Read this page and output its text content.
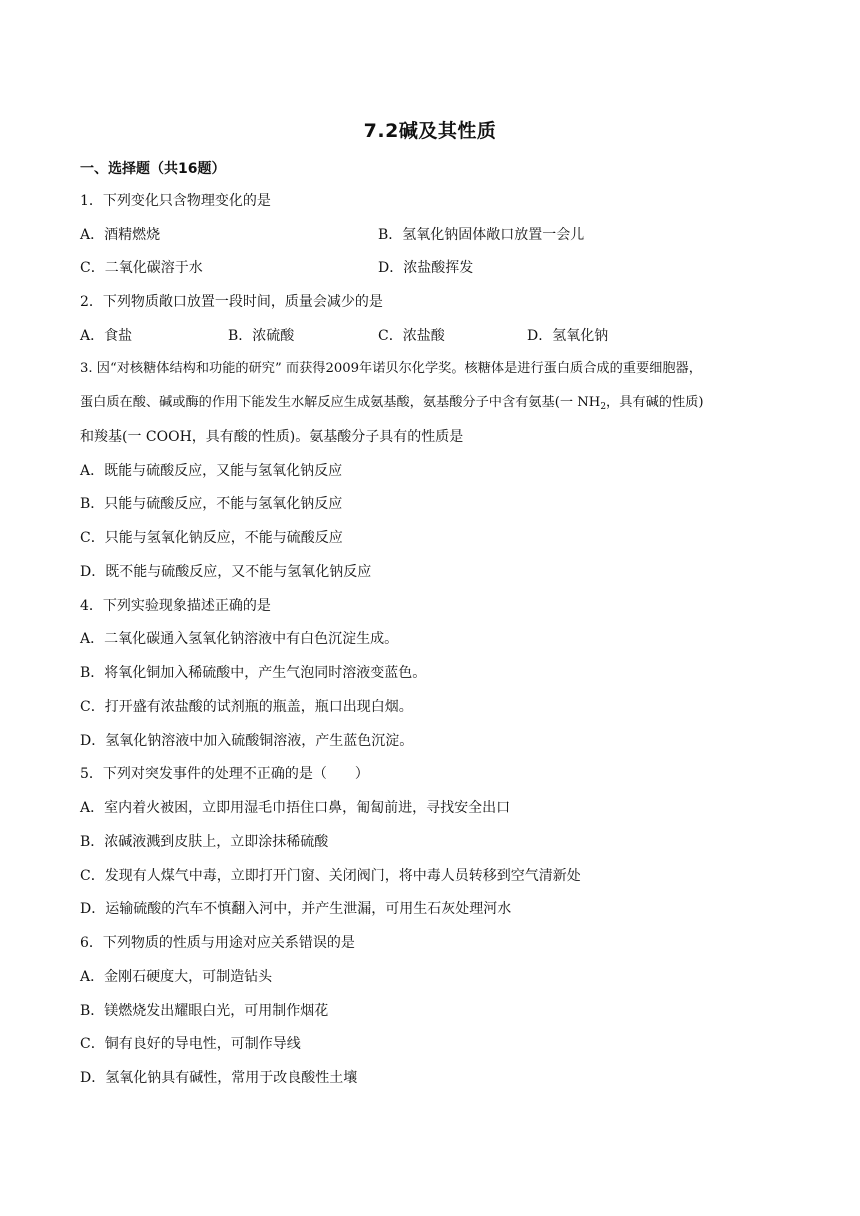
7.2碱及其性质
一、选择题（共16题）
1．下列变化只含物理变化的是
A．酒精燃烧	B．氢氧化钠固体敞口放置一会儿
C．二氧化碳溶于水	D．浓盐酸挥发
2．下列物质敞口放置一段时间，质量会减少的是
A．食盐	B．浓硫酸	C．浓盐酸	D．氢氧化钠
3. 因“对核糖体结构和功能的研究” 而获得2009年诺贝尔化学奖。核糖体是进行蛋白质合成的重要细胞器，
蛋白质在酸、碱或酶的作用下能发生水解反应生成氨基酸，氨基酸分子中含有氨基(一 $NH_2$，具有碱的性质)
和羧基(一 COOH，具有酸的性质)。氨基酸分子具有的性质是
A．既能与硫酸反应，又能与氢氧化钠反应
B．只能与硫酸反应，不能与氢氧化钠反应
C．只能与氢氧化钠反应，不能与硫酸反应
D．既不能与硫酸反应，又不能与氢氧化钠反应
4．下列实验现象描述正确的是
A．二氧化碳通入氢氧化钠溶液中有白色沉淀生成。
B．将氧化铜加入稀硫酸中，产生气泡同时溶液变蓝色。
C．打开盛有浓盐酸的试剂瓶的瓶盖，瓶口出现白烟。
D．氢氧化钠溶液中加入硫酸铜溶液，产生蓝色沉淀。
5．下列对突发事件的处理不正确的是（　　）
A．室内着火被困，立即用湿毛巾捂住口鼻，匍匐前进，寻找安全出口
B．浓碱液溅到皮肤上，立即涂抹稀硫酸
C．发现有人煤气中毒，立即打开门窗、关闭阀门，将中毒人员转移到空气清新处
D．运输硫酸的汽车不慎翻入河中，并产生泄漏，可用生石灰处理河水
6．下列物质的性质与用途对应关系错误的是
A．金刚石硬度大，可制造钻头
B．镁燃烧发出耀眼白光，可用制作烟花
C．铜有良好的导电性，可制作导线
D．氢氧化钠具有碱性，常用于改良酸性土壤
